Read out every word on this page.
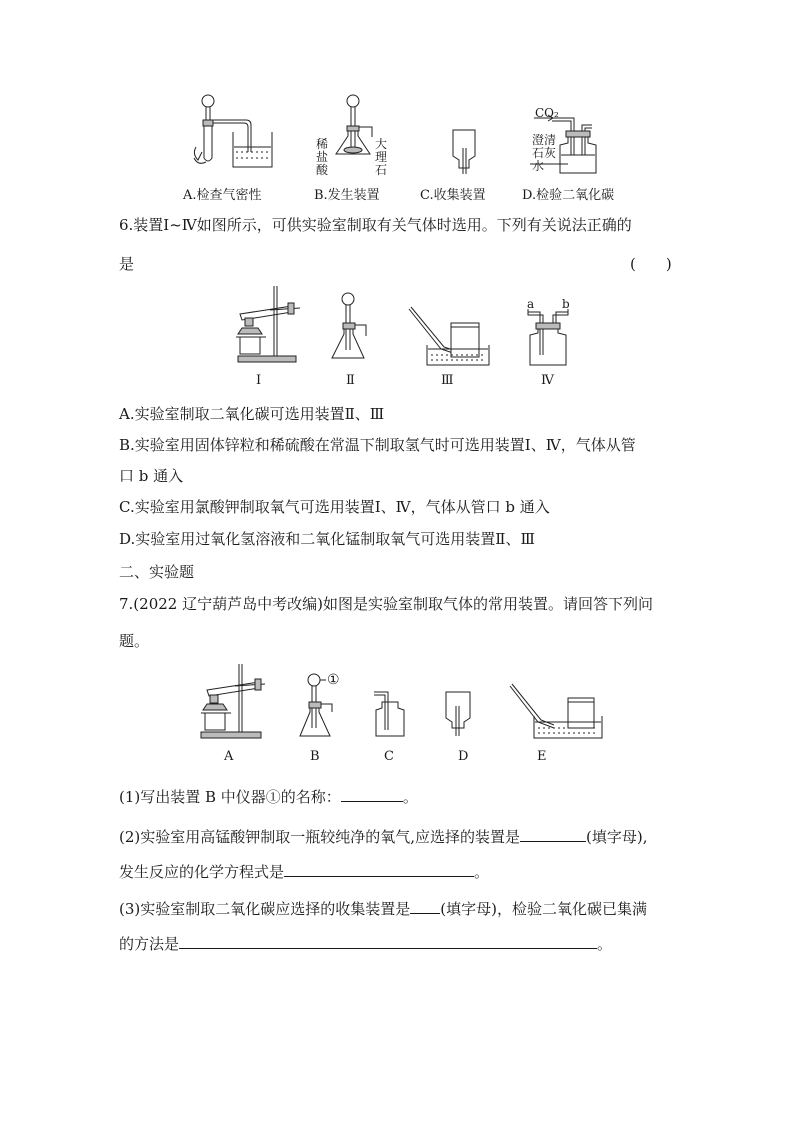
A.检查气密性
稀
盐
酸
大
理
石
B.发生装置	C.收集装置
CO₂
澄清
石灰
水
D.检验二氧化碳
6.装置Ⅰ~Ⅳ如图所示，可供实验室制取有关气体时选用。下列有关说法正确的
是	(　　)
Ⅰ	Ⅱ	Ⅲ
a b
Ⅳ
A.实验室制取二氧化碳可选用装置Ⅱ、Ⅲ
B.实验室用固体锌粒和稀硫酸在常温下制取氢气时可选用装置Ⅰ、Ⅳ，气体从管
口 b 通入
C.实验室用氯酸钾制取氧气可选用装置Ⅰ、Ⅳ，气体从管口 b 通入
D.实验室用过氧化氢溶液和二氧化锰制取氧气可选用装置Ⅱ、Ⅲ
二、实验题
7.(2022 辽宁葫芦岛中考改编)如图是实验室制取气体的常用装置。请回答下列问
题。
A
①
B	C	D	E
(1)写出装置 B 中仪器①的名称：	。
(2)实验室用高锰酸钾制取一瓶较纯净的氧气,应选择的装置是	(填字母),
发生反应的化学方程式是	。
(3)实验室制取二氧化碳应选择的收集装置是 (填字母)，检验二氧化碳已集满
的方法是	。
